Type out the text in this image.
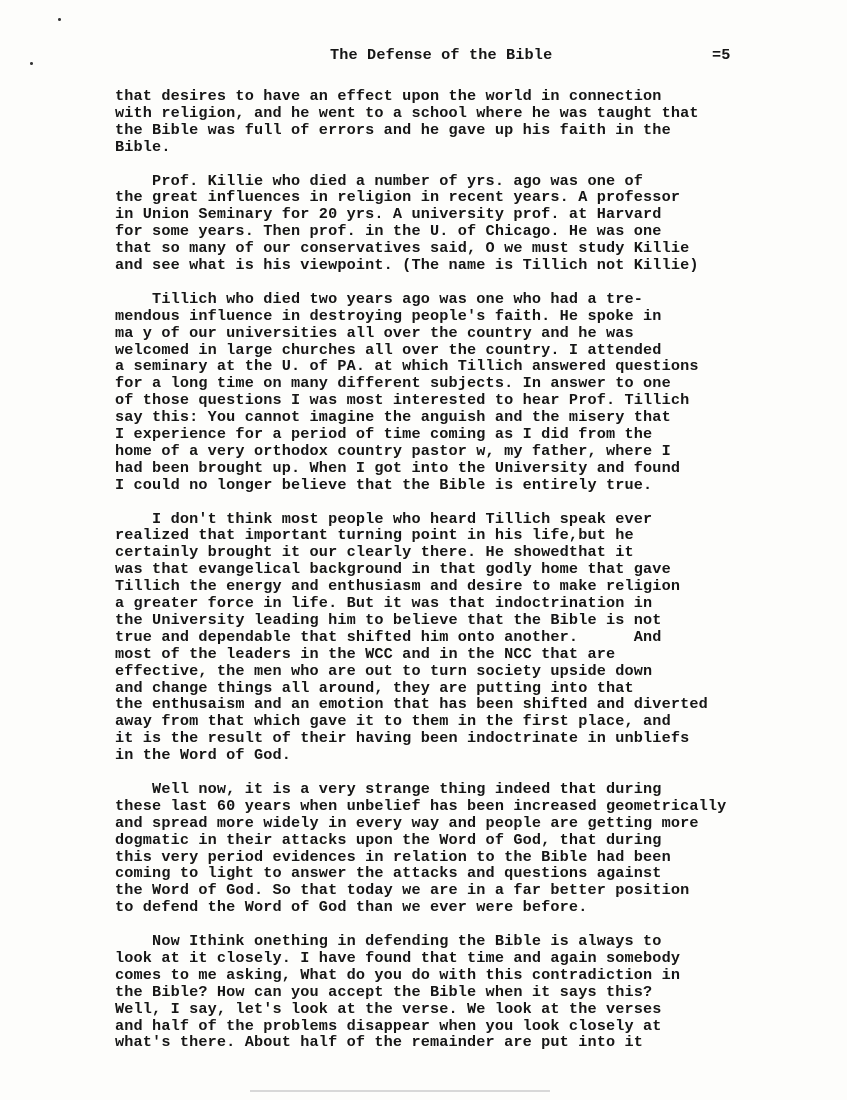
The Defense of the Bible	=5
that desires to have an effect upon the world in connection
with religion, and he went to a school where he was taught that
the Bible was full of errors and he gave up his faith in the
Bible.
Prof. Killie who died a number of yrs. ago was one of
the great influences in religion in recent years. A professor
in Union Seminary for 20 yrs. A university prof. at Harvard
for some years. Then prof. in the U. of Chicago. He was one
that so many of our conservatives said, O we must study Killie
and see what is his viewpoint. (The name is Tillich not Killie)
Tillich who died two years ago was one who had a tre-
mendous influence in destroying people's faith. He spoke in
ma y of our universities all over the country and he was
welcomed in large churches all over the country. I attended
a seminary at the U. of PA. at which Tillich answered questions
for a long time on many different subjects. In answer to one
of those questions I was most interested to hear Prof. Tillich
say this: You cannot imagine the anguish and the misery that
I experience for a period of time coming as I did from the
home of a very orthodox country pastor w, my father, where I
had been brought up. When I got into the University and found
I could no longer believe that the Bible is entirely true.
I don't think most people who heard Tillich speak ever
realized that important turning point in his life,but he
certainly brought it our clearly there. He showedthat it
was that evangelical background in that godly home that gave
Tillich the energy and enthusiasm and desire to make religion
a greater force in life. But it was that indoctrination in
the University leading him to believe that the Bible is not
true and dependable that shifted him onto another.      And
most of the leaders in the WCC and in the NCC that are
effective, the men who are out to turn society upside down
and change things all around, they are putting into that
the enthusaism and an emotion that has been shifted and diverted
away from that which gave it to them in the first place, and
it is the result of their having been indoctrinate in unbliefs
in the Word of God.
Well now, it is a very strange thing indeed that during
these last 60 years when unbelief has been increased geometrically
and spread more widely in every way and people are getting more
dogmatic in their attacks upon the Word of God, that during
this very period evidences in relation to the Bible had been
coming to light to answer the attacks and questions against
the Word of God. So that today we are in a far better position
to defend the Word of God than we ever were before.
Now Ithink onething in defending the Bible is always to
look at it closely. I have found that time and again somebody
comes to me asking, What do you do with this contradiction in
the Bible? How can you accept the Bible when it says this?
Well, I say, let's look at the verse. We look at the verses
and half of the problems disappear when you look closely at
what's there. About half of the remainder are put into it
